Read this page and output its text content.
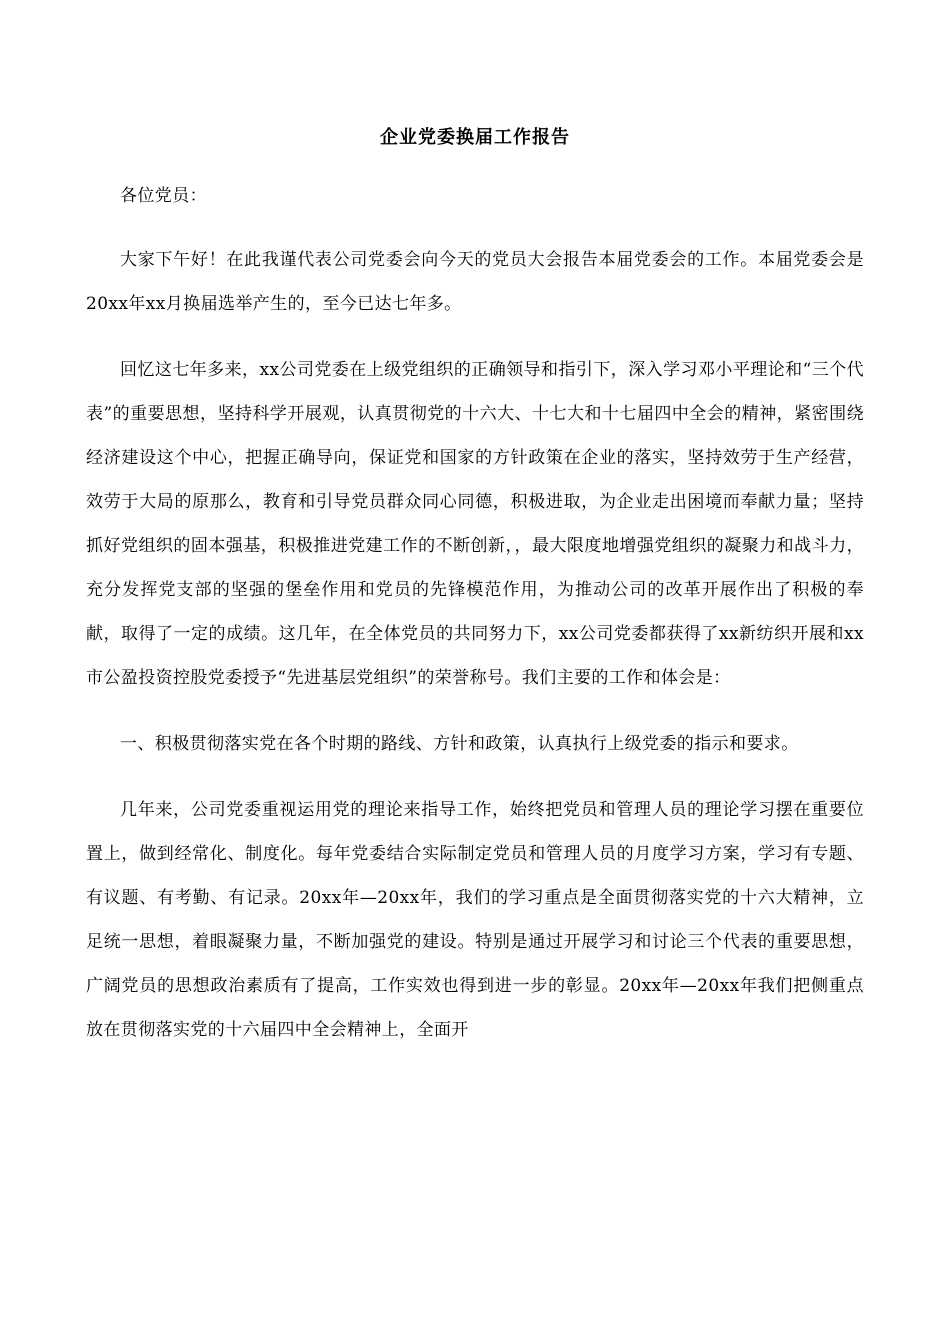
企业党委换届工作报告

各位党员：

大家下午好！在此我谨代表公司党委会向今天的党员大会报告本届党委会的工作。本届党委会是20xx年xx月换届选举产生的，至今已达七年多。

回忆这七年多来，xx公司党委在上级党组织的正确领导和指引下，深入学习邓小平理论和“三个代表”的重要思想，坚持科学开展观，认真贯彻党的十六大、十七大和十七届四中全会的精神，紧密围绕经济建设这个中心，把握正确导向，保证党和国家的方针政策在企业的落实，坚持效劳于生产经营，效劳于大局的原那么，教育和引导党员群众同心同德，积极进取，为企业走出困境而奉献力量；坚持抓好党组织的固本强基，积极推进党建工作的不断创新，，最大限度地增强党组织的凝聚力和战斗力，充分发挥党支部的坚强的堡垒作用和党员的先锋模范作用，为推动公司的改革开展作出了积极的奉献，取得了一定的成绩。这几年，在全体党员的共同努力下，xx公司党委都获得了xx新纺织开展和xx市公盈投资控股党委授予“先进基层党组织”的荣誉称号。我们主要的工作和体会是：

一、积极贯彻落实党在各个时期的路线、方针和政策，认真执行上级党委的指示和要求。

几年来，公司党委重视运用党的理论来指导工作，始终把党员和管理人员的理论学习摆在重要位置上，做到经常化、制度化。每年党委结合实际制定党员和管理人员的月度学习方案，学习有专题、有议题、有考勤、有记录。20xx年—20xx年，我们的学习重点是全面贯彻落实党的十六大精神，立足统一思想，着眼凝聚力量，不断加强党的建设。特别是通过开展学习和讨论三个代表的重要思想，广阔党员的思想政治素质有了提高，工作实效也得到进一步的彰显。20xx年—20xx年我们把侧重点放在贯彻落实党的十六届四中全会精神上，全面开
